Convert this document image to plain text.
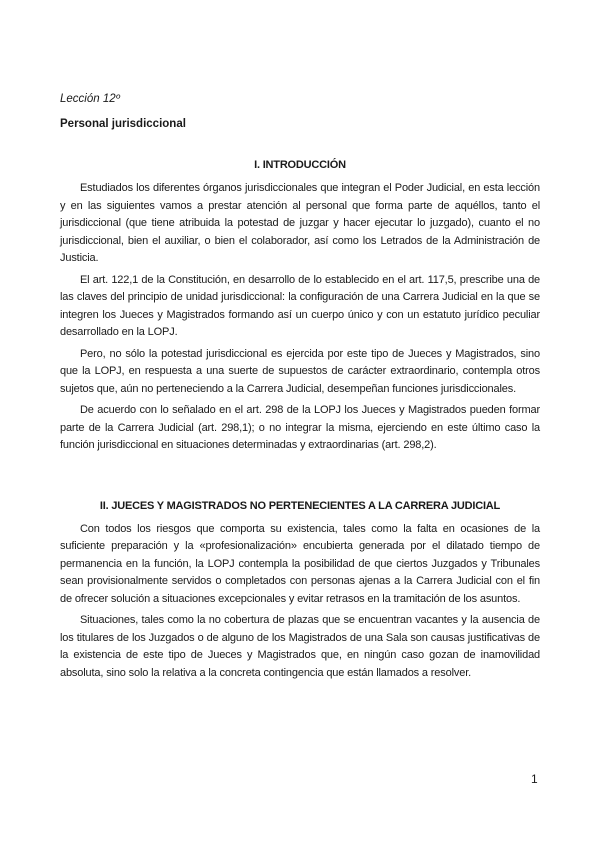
Lección 12º
Personal jurisdiccional
I. INTRODUCCIÓN

Estudiados los diferentes órganos jurisdiccionales que integran el Poder Judicial, en esta lección y en las siguientes vamos a prestar atención al personal que forma parte de aquéllos, tanto el jurisdiccional (que tiene atribuida la potestad de juzgar y hacer ejecutar lo juzgado), cuanto el no jurisdiccional, bien el auxiliar, o bien el colaborador, así como los Letrados de la Administración de Justicia.

El art. 122,1 de la Constitución, en desarrollo de lo establecido en el art. 117,5, prescribe una de las claves del principio de unidad jurisdiccional: la configuración de una Carrera Judicial en la que se integren los Jueces y Magistrados formando así un cuerpo único y con un estatuto jurídico peculiar desarrollado en la LOPJ.

Pero, no sólo la potestad jurisdiccional es ejercida por este tipo de Jueces y Magistrados, sino que la LOPJ, en respuesta a una suerte de supuestos de carácter extraordinario, contempla otros sujetos que, aún no perteneciendo a la Carrera Judicial, desempeñan funciones jurisdiccionales.

De acuerdo con lo señalado en el art. 298 de la LOPJ los Jueces y Magistrados pueden formar parte de la Carrera Judicial (art. 298,1); o no integrar la misma, ejerciendo en este último caso la función jurisdiccional en situaciones determinadas y extraordinarias (art. 298,2).

II. JUECES Y MAGISTRADOS NO PERTENECIENTES A LA CARRERA JUDICIAL

Con todos los riesgos que comporta su existencia, tales como la falta en ocasiones de la suficiente preparación y la «profesionalización» encubierta generada por el dilatado tiempo de permanencia en la función, la LOPJ contempla la posibilidad de que ciertos Juzgados y Tribunales sean provisionalmente servidos o completados con personas ajenas a la Carrera Judicial con el fin de ofrecer solución a situaciones excepcionales y evitar retrasos en la tramitación de los asuntos.

Situaciones, tales como la no cobertura de plazas que se encuentran vacantes y la ausencia de los titulares de los Juzgados o de alguno de los Magistrados de una Sala son causas justificativas de la existencia de este tipo de Jueces y Magistrados que, en ningún caso gozan de inamovilidad absoluta, sino solo la relativa a la concreta contingencia que están llamados a resolver.

1
